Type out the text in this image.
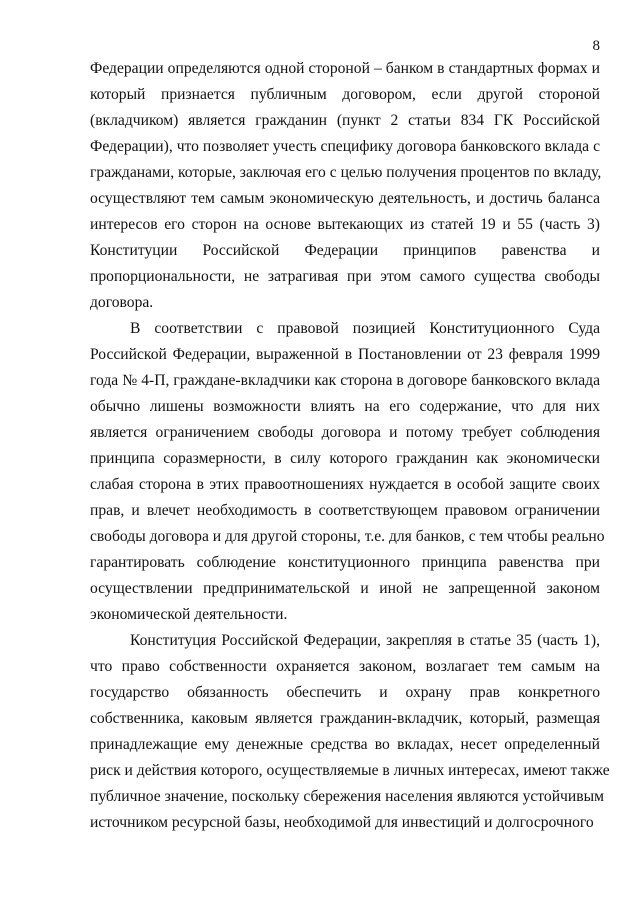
8
Федерации определяются одной стороной – банком в стандартных формах и
который признается публичным договором, если другой стороной
(вкладчиком) является гражданин (пункт 2 статьи 834 ГК Российской
Федерации), что позволяет учесть специфику договора банковского вклада с
гражданами, которые, заключая его с целью получения процентов по вкладу,
осуществляют тем самым экономическую деятельность, и достичь баланса
интересов его сторон на основе вытекающих из статей 19 и 55 (часть 3)
Конституции Российской Федерации принципов равенства и
пропорциональности, не затрагивая при этом самого существа свободы
договора.
В соответствии с правовой позицией Конституционного Суда
Российской Федерации, выраженной в Постановлении от 23 февраля 1999
года № 4-П, граждане-вкладчики как сторона в договоре банковского вклада
обычно лишены возможности влиять на его содержание, что для них
является ограничением свободы договора и потому требует соблюдения
принципа соразмерности, в силу которого гражданин как экономически
слабая сторона в этих правоотношениях нуждается в особой защите своих
прав, и влечет необходимость в соответствующем правовом ограничении
свободы договора и для другой стороны, т.е. для банков, с тем чтобы реально
гарантировать соблюдение конституционного принципа равенства при
осуществлении предпринимательской и иной не запрещенной законом
экономической деятельности.
Конституция Российской Федерации, закрепляя в статье 35 (часть 1),
что право собственности охраняется законом, возлагает тем самым на
государство обязанность обеспечить и охрану прав конкретного
собственника, каковым является гражданин-вкладчик, который, размещая
принадлежащие ему денежные средства во вкладах, несет определенный
риск и действия которого, осуществляемые в личных интересах, имеют также
публичное значение, поскольку сбережения населения являются устойчивым
источником ресурсной базы, необходимой для инвестиций и долгосрочного
